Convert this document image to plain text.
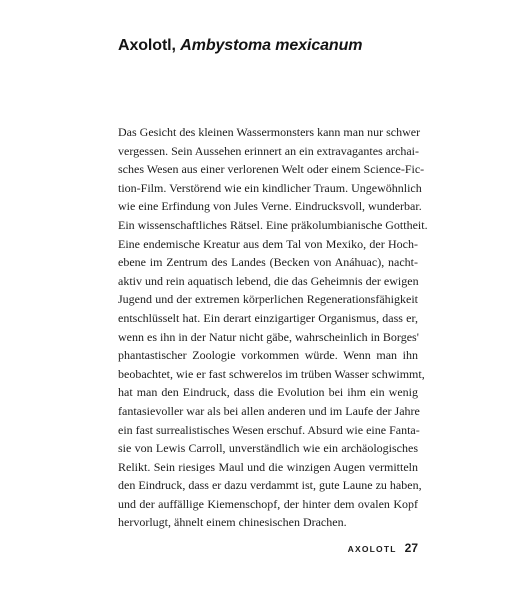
Axolotl, Ambystoma mexicanum
Das Gesicht des kleinen Wassermonsters kann man nur schwer
vergessen. Sein Aussehen erinnert an ein extravagantes archai-
sches Wesen aus einer verlorenen Welt oder einem Science-Fic-
tion-Film. Verstörend wie ein kindlicher Traum. Ungewöhnlich
wie eine Erfindung von Jules Verne. Eindrucksvoll, wunderbar.
Ein wissenschaftliches Rätsel. Eine präkolumbianische Gottheit.
Eine endemische Kreatur aus dem Tal von Mexiko, der Hoch-
ebene im Zentrum des Landes (Becken von Anáhuac), nacht-
aktiv und rein aquatisch lebend, die das Geheimnis der ewigen
Jugend und der extremen körperlichen Regenerationsfähigkeit
entschlüsselt hat. Ein derart einzigartiger Organismus, dass er,
wenn es ihn in der Natur nicht gäbe, wahrscheinlich in Borges'
phantastischer Zoologie vorkommen würde. Wenn man ihn
beobachtet, wie er fast schwerelos im trüben Wasser schwimmt,
hat man den Eindruck, dass die Evolution bei ihm ein wenig
fantasievoller war als bei allen anderen und im Laufe der Jahre
ein fast surrealistisches Wesen erschuf. Absurd wie eine Fanta-
sie von Lewis Carroll, unverständlich wie ein archäologisches
Relikt. Sein riesiges Maul und die winzigen Augen vermitteln
den Eindruck, dass er dazu verdammt ist, gute Laune zu haben,
und der auffällige Kiemenschopf, der hinter dem ovalen Kopf
hervorlugt, ähnelt einem chinesischen Drachen.
AXOLOTL 27
